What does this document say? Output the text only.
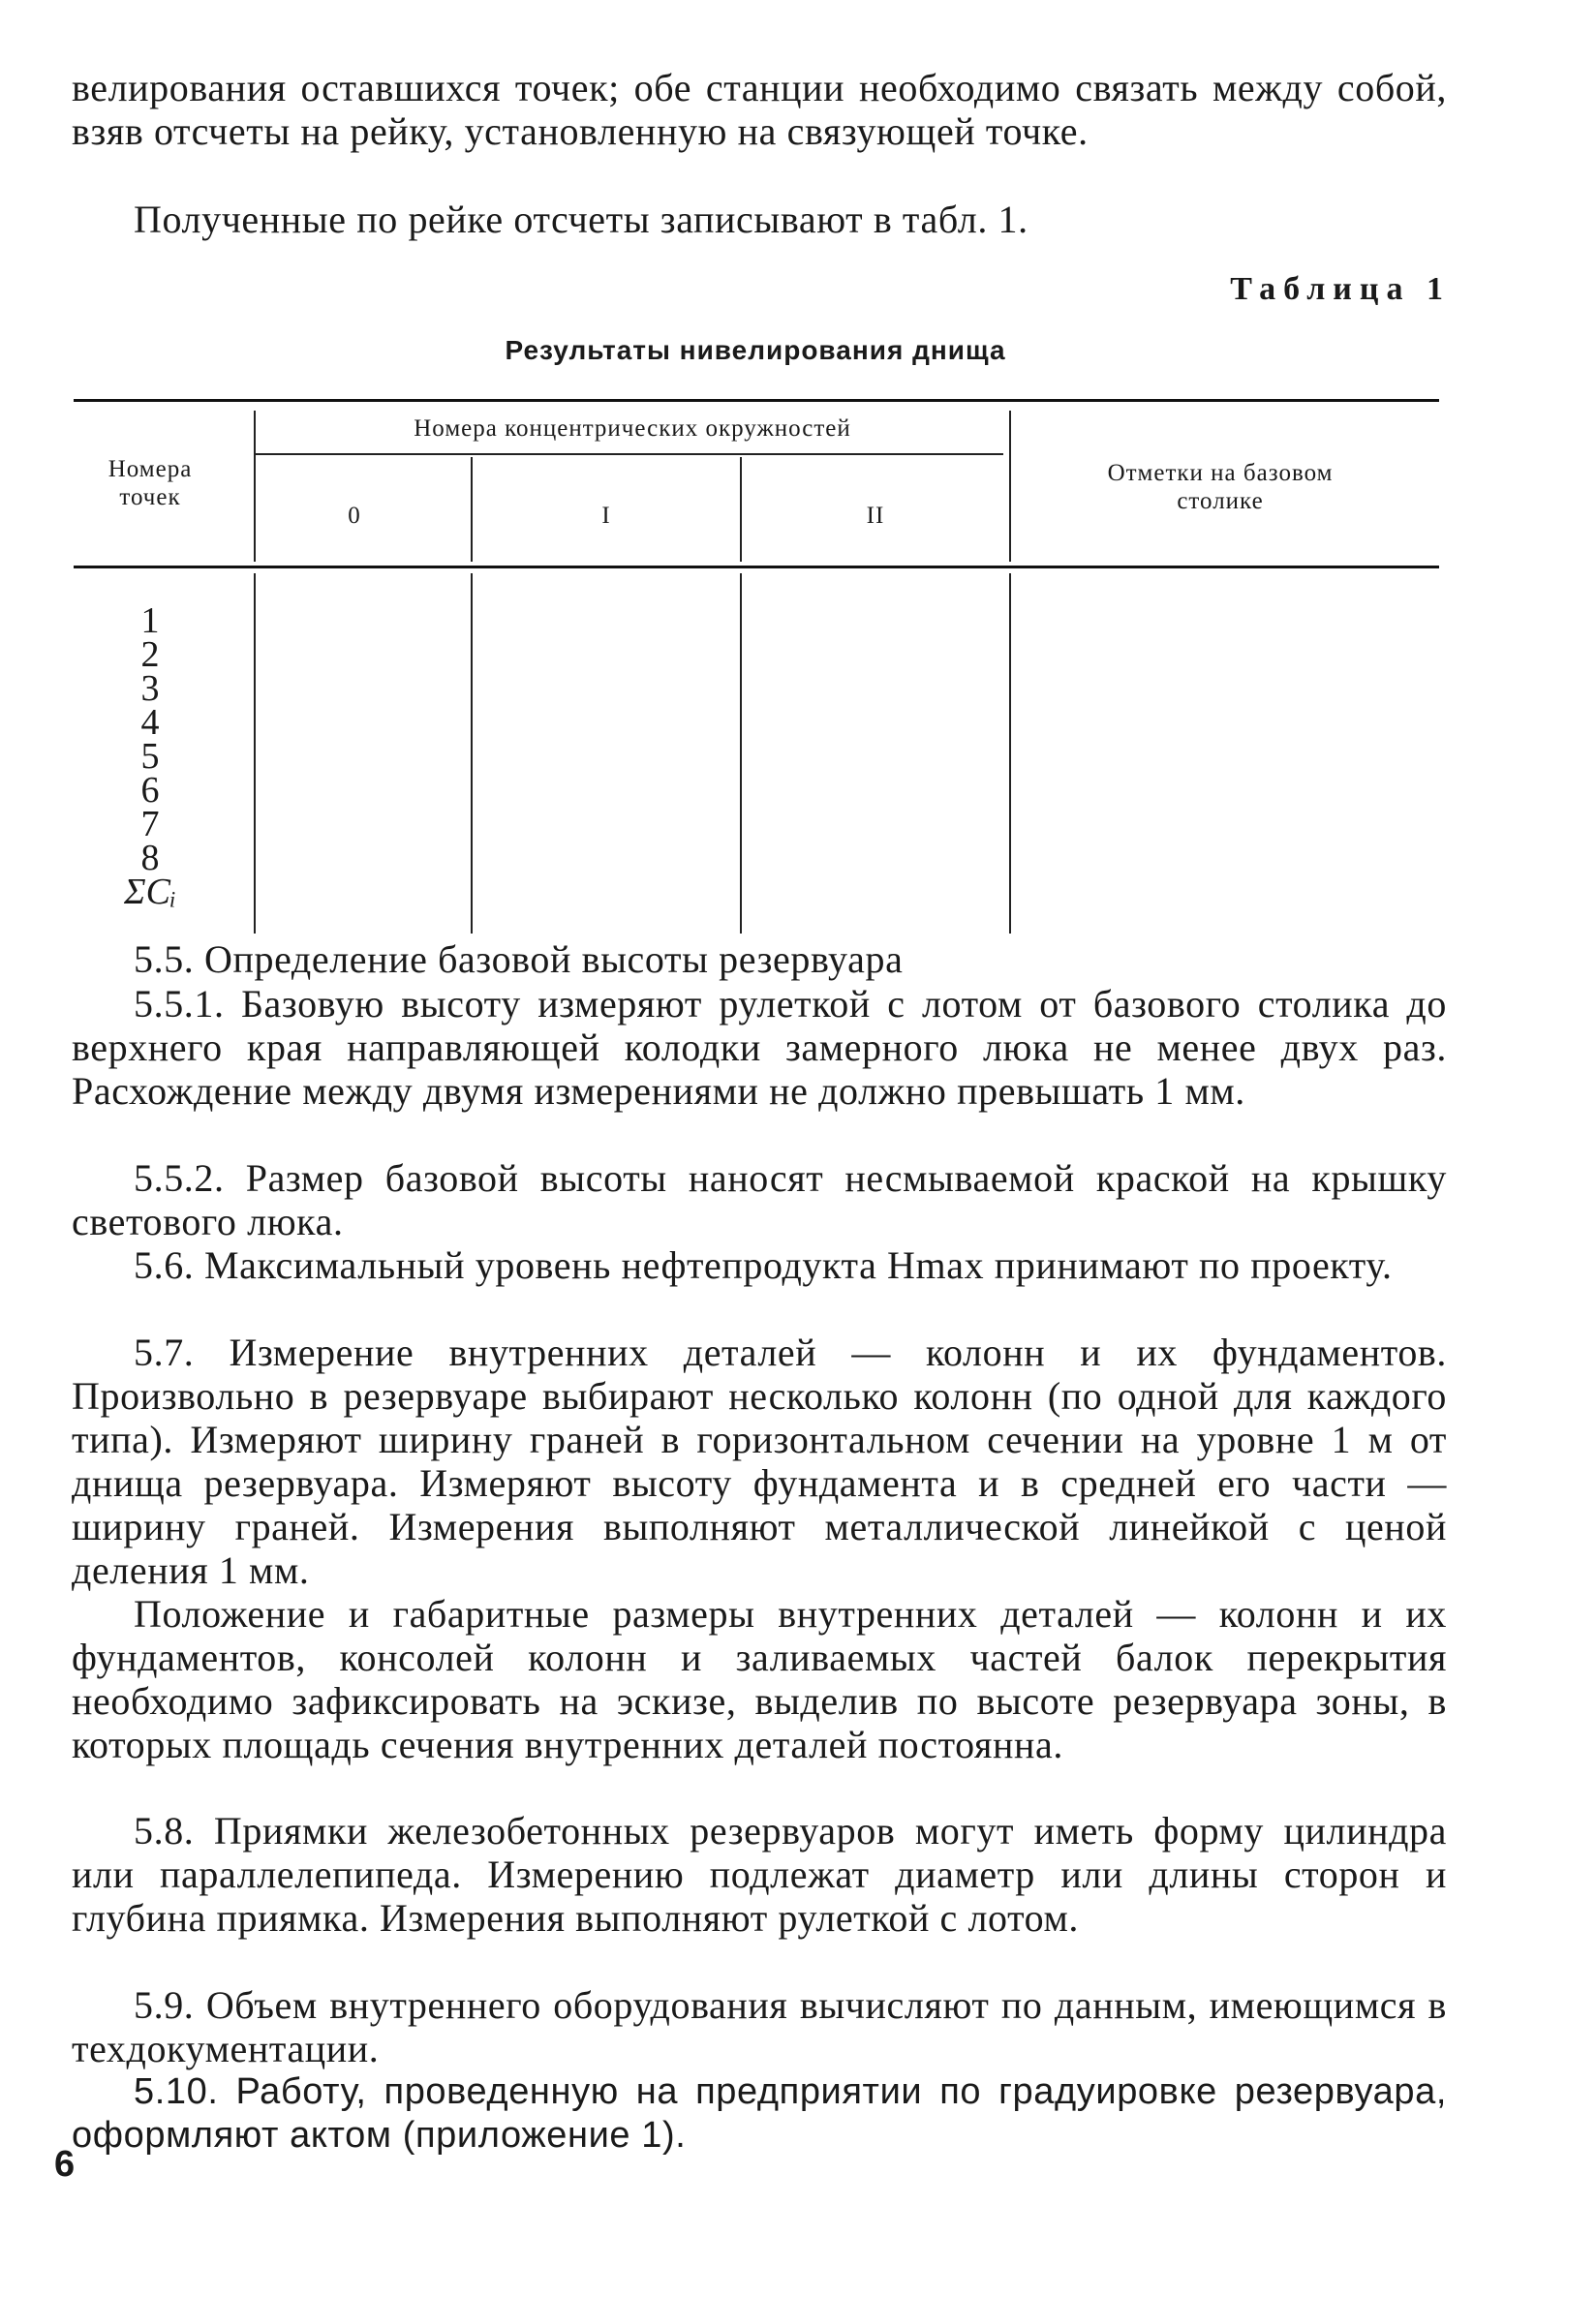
велирования оставшихся точек; обе станции необходимо связать между собой, взяв отсчеты на рейку, установленную на связующей точке.

Полученные по рейке отсчеты записывают в табл. 1.

Таблица 1
Результаты нивелирования днища
Номера точек
Номера концентрических окружностей
0	I	II
Отметки на базовом столике
1
2
3
4
5
6
7
8
ΣCᵢ

5.5. Определение базовой высоты резервуара

5.5.1. Базовую высоту измеряют рулеткой с лотом от базового столика до верхнего края направляющей колодки замерного люка не менее двух раз. Расхождение между двумя измерениями не должно превышать 1 мм.

5.5.2. Размер базовой высоты наносят несмываемой краской на крышку светового люка.

5.6. Максимальный уровень нефтепродукта Hmax принимают по проекту.

5.7. Измерение внутренних деталей — колонн и их фундаментов. Произвольно в резервуаре выбирают несколько колонн (по одной для каждого типа). Измеряют ширину граней в горизонтальном сечении на уровне 1 м от днища резервуара. Измеряют высоту фундамента и в средней его части — ширину граней. Измерения выполняют металлической линейкой с ценой деления 1 мм.

Положение и габаритные размеры внутренних деталей — колонн и их фундаментов, консолей колонн и заливаемых частей балок перекрытия необходимо зафиксировать на эскизе, выделив по высоте резервуара зоны, в которых площадь сечения внутренних деталей постоянна.

5.8. Приямки железобетонных резервуаров могут иметь форму цилиндра или параллелепипеда. Измерению подлежат диаметр или длины сторон и глубина приямка. Измерения выполняют рулеткой с лотом.

5.9. Объем внутреннего оборудования вычисляют по данным, имеющимся в техдокументации.

5.10. Работу, проведенную на предприятии по градуировке резервуара, оформляют актом (приложение 1).

6
